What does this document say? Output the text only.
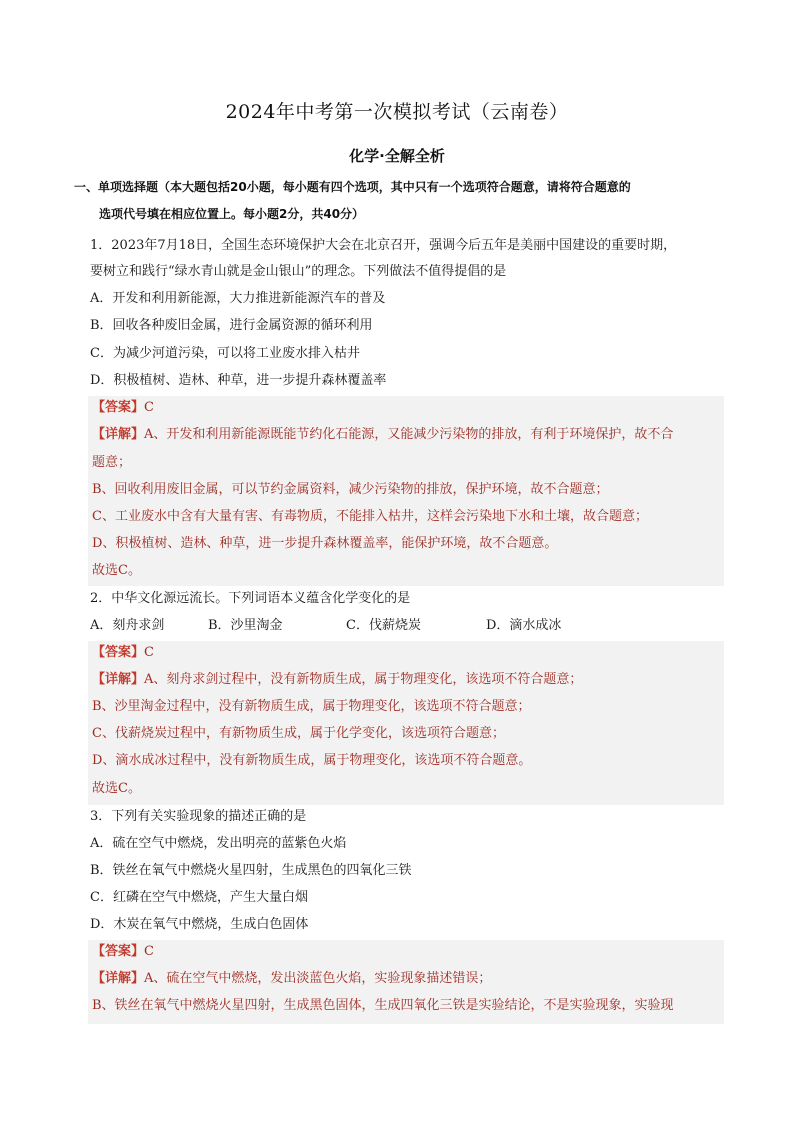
2024年中考第一次模拟考试（云南卷）
化学·全解全析
一、单项选择题（本大题包括20小题，每小题有四个选项，其中只有一个选项符合题意，请将符合题意的
选项代号填在相应位置上。每小题2分，共40分）
1．2023年7月18日，全国生态环境保护大会在北京召开，强调今后五年是美丽中国建设的重要时期，
要树立和践行“绿水青山就是金山银山”的理念。下列做法不值得提倡的是
A．开发和利用新能源，大力推进新能源汽车的普及
B．回收各种废旧金属，进行金属资源的循环利用
C．为减少河道污染，可以将工业废水排入枯井
D．积极植树、造林、种草，进一步提升森林覆盖率
【答案】C
【详解】A、开发和利用新能源既能节约化石能源，又能减少污染物的排放，有利于环境保护，故不合
题意；
B、回收利用废旧金属，可以节约金属资料，减少污染物的排放，保护环境，故不合题意；
C、工业废水中含有大量有害、有毒物质，不能排入枯井，这样会污染地下水和土壤，故合题意；
D、积极植树、造林、种草，进一步提升森林覆盖率，能保护环境，故不合题意。
故选C。
2．中华文化源远流长。下列词语本义蕴含化学变化的是
A．刻舟求剑	B．沙里淘金	C．伐薪烧炭	D．滴水成冰
【答案】C
【详解】A、刻舟求剑过程中，没有新物质生成，属于物理变化，该选项不符合题意；
B、沙里淘金过程中，没有新物质生成，属于物理变化，该选项不符合题意；
C、伐薪烧炭过程中，有新物质生成，属于化学变化，该选项符合题意；
D、滴水成冰过程中，没有新物质生成，属于物理变化，该选项不符合题意。
故选C。
3．下列有关实验现象的描述正确的是
A．硫在空气中燃烧，发出明亮的蓝紫色火焰
B．铁丝在氧气中燃烧火星四射，生成黑色的四氧化三铁
C．红磷在空气中燃烧，产生大量白烟
D．木炭在氧气中燃烧，生成白色固体
【答案】C
【详解】A、硫在空气中燃烧，发出淡蓝色火焰，实验现象描述错误；
B、铁丝在氧气中燃烧火星四射，生成黑色固体，生成四氧化三铁是实验结论，不是实验现象，实验现
